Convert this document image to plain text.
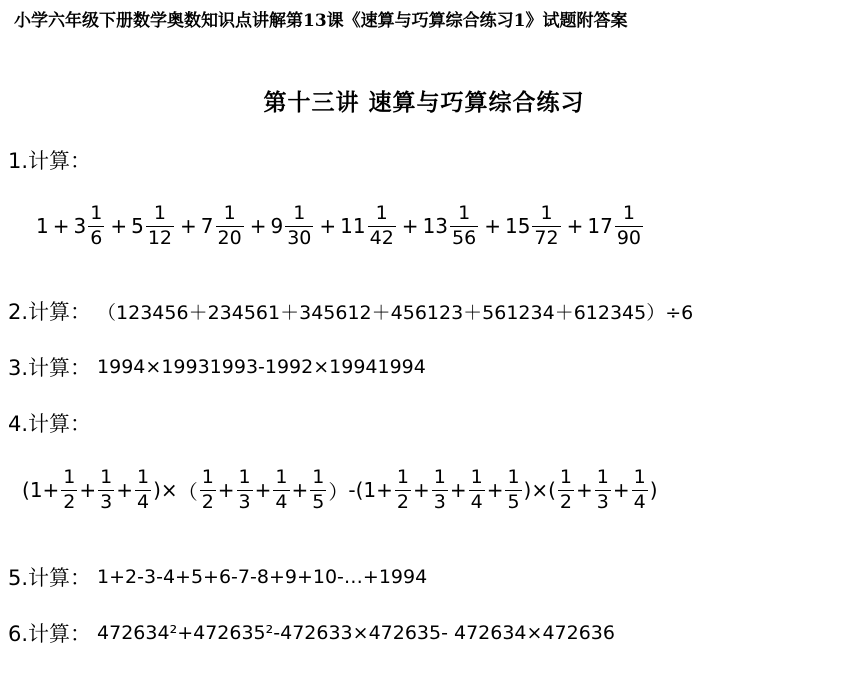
小学六年级下册数学奥数知识点讲解第13课《速算与巧算综合练习1》试题附答案
第十三讲 速算与巧算综合练习
1.计算：
$1 + 3 \frac{1}{6} + 5 \frac{1}{12} + 7 \frac{1}{20} + 9 \frac{1}{30} + 11 \frac{1}{42} + 13 \frac{1}{56} + 15 \frac{1}{72} + 17 \frac{1}{90}$
2.计算： （123456＋234561＋345612＋456123＋561234＋612345）÷6
3.计算： 1994×19931993-1992×19941994
4.计算：
( $1+ \frac{1}{2} + \frac{1}{3} + \frac{1}{4}$ ) × （ $\frac{1}{2} + \frac{1}{3} + \frac{1}{4} + \frac{1}{5}$ ） - ($1+ \frac{1}{2} + \frac{1}{3} + \frac{1}{4} + \frac{1}{5}$ )×( $\frac{1}{2} + \frac{1}{3} + \frac{1}{4}$ )
5.计算： 1+2-3-4+5+6-7-8+9+10-…+1994
6.计算： 472634²+472635²-472633×472635- 472634×472636
